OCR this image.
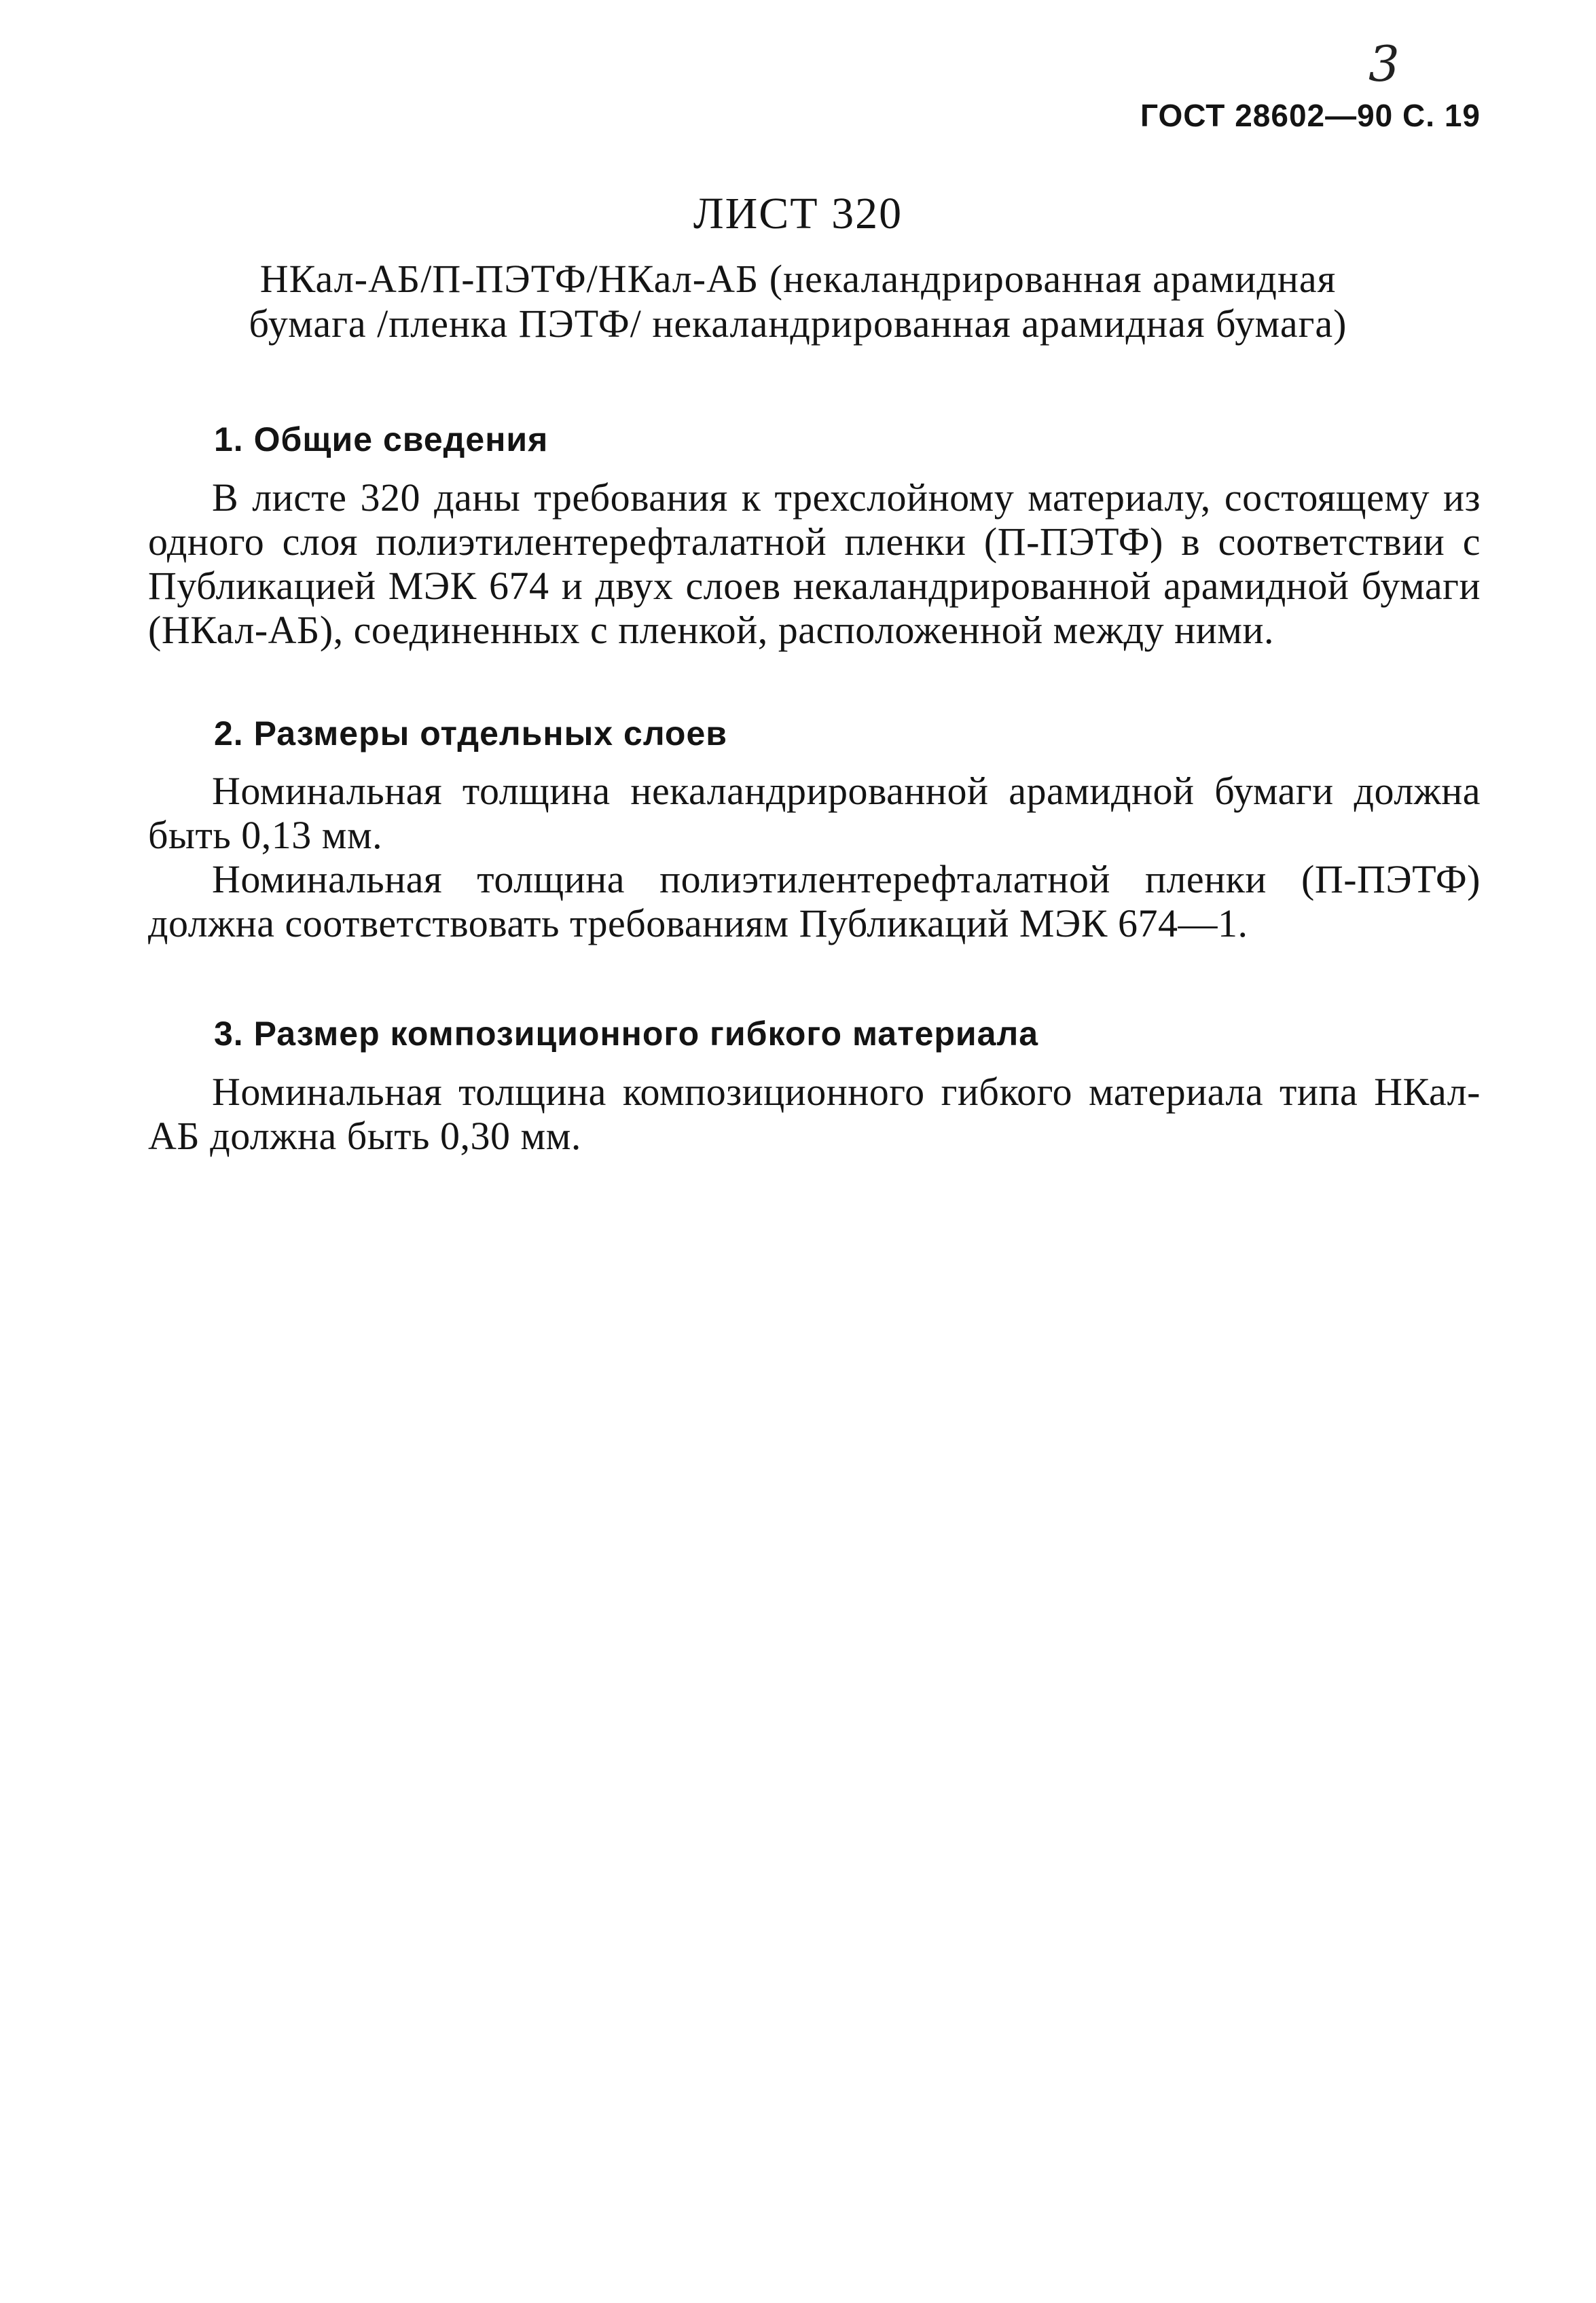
3
ГОСТ 28602—90 С. 19
ЛИСТ 320
НКал-АБ/П-ПЭТФ/НКал-АБ (некаландрированная арамидная бумага /пленка ПЭТФ/ некаландрированная арамидная бумага)
1. Общие сведения

В листе 320 даны требования к трехслойному материалу, состоящему из одного слоя полиэтилентерефталатной пленки (П-ПЭТФ) в соответствии с Публикацией МЭК 674 и двух слоев некаландрированной арамидной бумаги (НКал-АБ), соединенных с пленкой, расположенной между ними.

2. Размеры отдельных слоев

Номинальная толщина некаландрированной арамидной бумаги должна быть 0,13 мм.

Номинальная толщина полиэтилентерефталатной пленки (П-ПЭТФ) должна соответствовать требованиям Публикаций МЭК 674—1.

3. Размер композиционного гибкого материала

Номинальная толщина композиционного гибкого материала типа НКал-АБ должна быть 0,30 мм.
